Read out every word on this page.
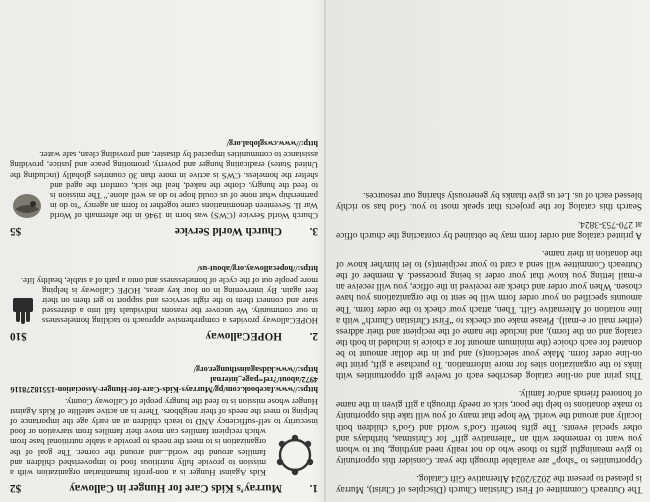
The Outreach Committee of First Christian Church (Disciples of Christ), Murray is pleased to present the 2023/2024 Alternative Gift Catalog.

Opportunities to “shop” are available through the year. Consider this opportunity to give meaningful gifts to those who do not really need anything, but to whom you want to remember with an “alternative gift” for Christmas, birthdays and other special events. The gifts benefit God’s world and God’s children both locally and around the world. We hope that many of you will take this opportunity to make donations to help the poor, sick or needy through a gift given in the name of honored friends and/or family.

This print and on-line catalog describes each of twelve gift opportunities with links to the organization sites for more information. To purchase a gift, print the on-line order form. Make your selection(s) and put in the dollar amount to be donated for each choice (the minimum amount for a choice is included in both the catalog and on the form), and include the name of the recipient and their address (either mail or e-mail). Please make out checks to “First Christian Church” with a line notation of Alternative Gift. Then, attach your check to the order form. The amounts specified on your order form will be sent to the organizations you have chosen. When your order and check are received in the office, you will receive an e-mail letting you know that your order is being processed. A member of the Outreach Committee will send a card to your recipient(s) to let him/her know of the donation in their name.

A printed catalog and order form may be obtained by contacting the church office at 270-753-3824.

Search this catalog for the projects that speak most to you. God has so richly blessed each of us. Let us give thanks by generously sharing our resources.

1.
Murray’s Kids Care for Hunger in Calloway
$2
Kids Against Hunger is a non-profit humanitarian organization with a mission to provide fully nutritious food to impoverished children and families around the world...and around the corner. The goal of the organization is to meet the needs to provide a stable nutritional base from which recipient families can move their families from starvation or food insecurity to self-sufficiency AND to teach children at an early age the importance of helping to meet the needs of their neighbors. There is an active satellite of Kids Against Hunger whose mission is to feed the hungry people of Calloway County.
https://www.facebook.com/pg/Murrays-Kids-Care-for-Hunger-Association-155182781164972/about/?ref=page_internal
https://www.kidsagainsthunger.org/
2.
HOPECalloway
$10
HOPECalloway provides a comprehensive approach to tackling homelessness in our community. We uncover the reasons individuals fall into a distressed state and connect them to the right services and support to get them on their feet again. By intervening in on four key areas, HOPE Calloway is helping more people out of the cycle of homelessness and onto a path of a stable, healthy life.
https://hopecalloway.org/about-us/
3.
Church World Service
$5
Church World Service (CWS) was born in 1946 in the aftermath of World War II. Seventeen denominations came together to form an agency “to do in partnership what none of us could hope to do as well alone.” The mission is to feed the hungry, clothe the naked, heal the sick, comfort the aged and shelter the homeless. CWS is active in more than 30 countries globally (including the United States) eradicating hunger and poverty, promoting peace and justice, providing assistance to communities impacted by disaster, and providing clean, safe water.
http://www.cwsglobal.org/
